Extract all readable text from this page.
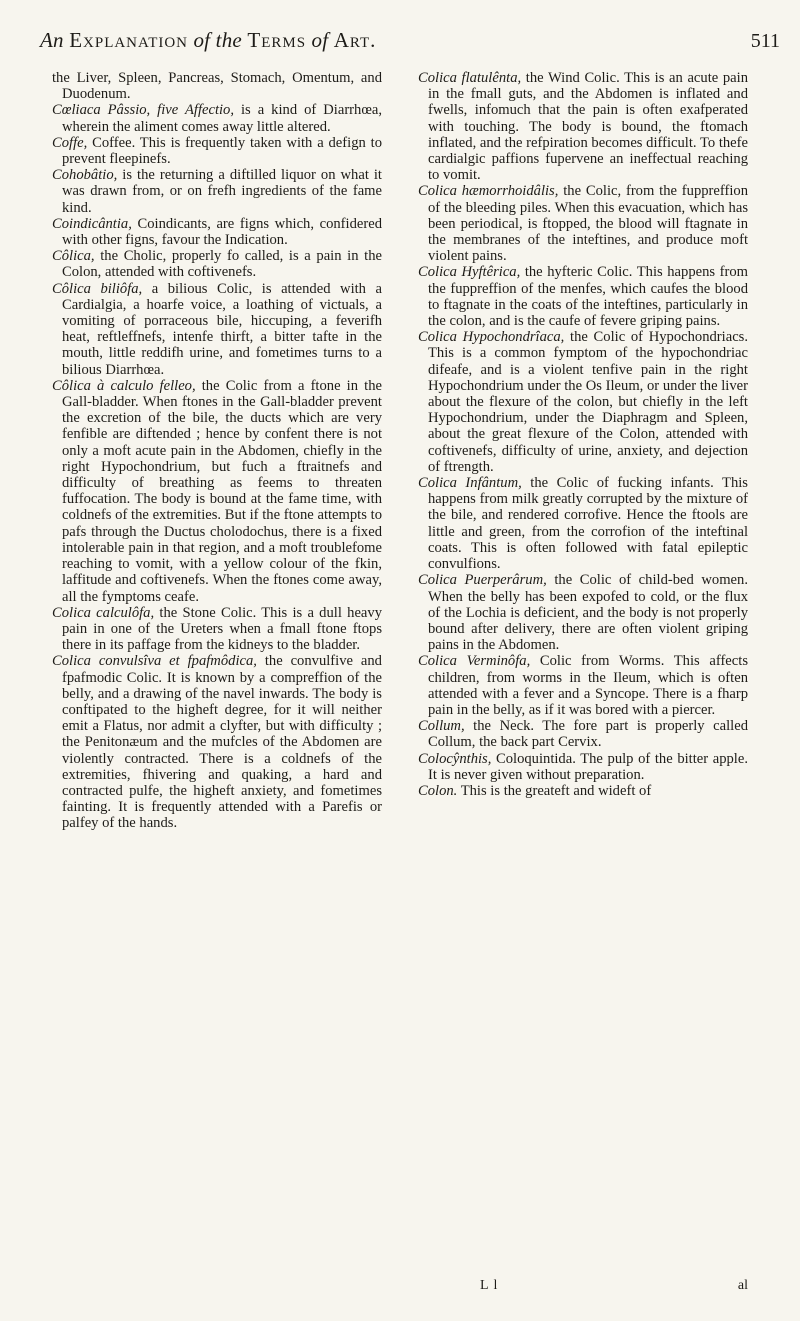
An Explanation of the Terms of Art.	511
the Liver, Spleen, Pancreas, Stomach, Omentum, and Duodenum.
Cœliaca Pâssio, five Affectio, is a kind of Diarrhœa, wherein the aliment comes away little altered.
Coffe, Coffee. This is frequently taken with a defign to prevent fleepinefs.
Cohobâtio, is the returning a diftilled liquor on what it was drawn from, or on frefh ingredients of the fame kind.
Coindicântia, Coindicants, are figns which, confidered with other figns, favour the Indication.
Côlica, the Cholic, properly fo called, is a pain in the Colon, attended with coftivenefs.
Côlica biliôfa, a bilious Colic, is attended with a Cardialgia, a hoarfe voice, a loathing of victuals, a vomiting of porraceous bile, hiccuping, a feverifh heat, reftleffnefs, intenfe thirft, a bitter tafte in the mouth, little reddifh urine, and fometimes turns to a bilious Diarrhœa.
Côlica à calculo felleo, the Colic from a ftone in the Gall-bladder. When ftones in the Gall-bladder prevent the excretion of the bile, the ducts which are very fenfible are diftended ; hence by confent there is not only a moft acute pain in the Abdomen, chiefly in the right Hypochondrium, but fuch a ftraitnefs and difficulty of breathing as feems to threaten fuffocation. The body is bound at the fame time, with coldnefs of the extremities. But if the ftone attempts to pafs through the Ductus cholodochus, there is a fixed intolerable pain in that region, and a moft troublefome reaching to vomit, with a yellow colour of the fkin, laffitude and coftivenefs. When the ftones come away, all the fymptoms ceafe.
Colica calculôfa, the Stone Colic. This is a dull heavy pain in one of the Ureters when a fmall ftone ftops there in its paffage from the kidneys to the bladder.
Colica convulsîva et fpafmôdica, the convulfive and fpafmodic Colic. It is known by a compreffion of the belly, and a drawing of the navel inwards. The body is conftipated to the higheft degree, for it will neither emit a Flatus, nor admit a clyfter, but with difficulty ; the Penitonæum and the mufcles of the Abdomen are violently contracted. There is a coldnefs of the extremities, fhivering and quaking, a hard and contracted pulfe, the higheft anxiety, and fometimes fainting. It is frequently attended with a Parefis or palfey of the hands.
Colica flatulênta, the Wind Colic. This is an acute pain in the fmall guts, and the Abdomen is inflated and fwells, infomuch that the pain is often exafperated with touching. The body is bound, the ftomach inflated, and the refpiration becomes difficult. To thefe cardialgic paffions fupervene an ineffectual reaching to vomit.
Colica hæmorrhoidâlis, the Colic, from the fuppreffion of the bleeding piles. When this evacuation, which has been periodical, is ftopped, the blood will ftagnate in the membranes of the inteftines, and produce moft violent pains.
Colica Hyftêrica, the hyfteric Colic. This happens from the fuppreffion of the menfes, which caufes the blood to ftagnate in the coats of the inteftines, particularly in the colon, and is the caufe of fevere griping pains.
Colica Hypochondrîaca, the Colic of Hypochondriacs. This is a common fymptom of the hypochondriac difeafe, and is a violent tenfive pain in the right Hypochondrium under the Os Ileum, or under the liver about the flexure of the colon, but chiefly in the left Hypochondrium, under the Diaphragm and Spleen, about the great flexure of the Colon, attended with coftivenefs, difficulty of urine, anxiety, and dejection of ftrength.
Colica Infântum, the Colic of fucking infants. This happens from milk greatly corrupted by the mixture of the bile, and rendered corrofive. Hence the ftools are little and green, from the corrofion of the inteftinal coats. This is often followed with fatal epileptic convulfions.
Colica Puerperârum, the Colic of child-bed women. When the belly has been expofed to cold, or the flux of the Lochia is deficient, and the body is not properly bound after delivery, there are often violent griping pains in the Abdomen.
Colica Verminôfa, Colic from Worms. This affects children, from worms in the Ileum, which is often attended with a fever and a Syncope. There is a fharp pain in the belly, as if it was bored with a piercer.
Collum, the Neck. The fore part is properly called Collum, the back part Cervix.
Colocŷnthis, Coloquintida. The pulp of the bitter apple. It is never given without preparation.
Colon. This is the greateft and wideft of
L l	al
